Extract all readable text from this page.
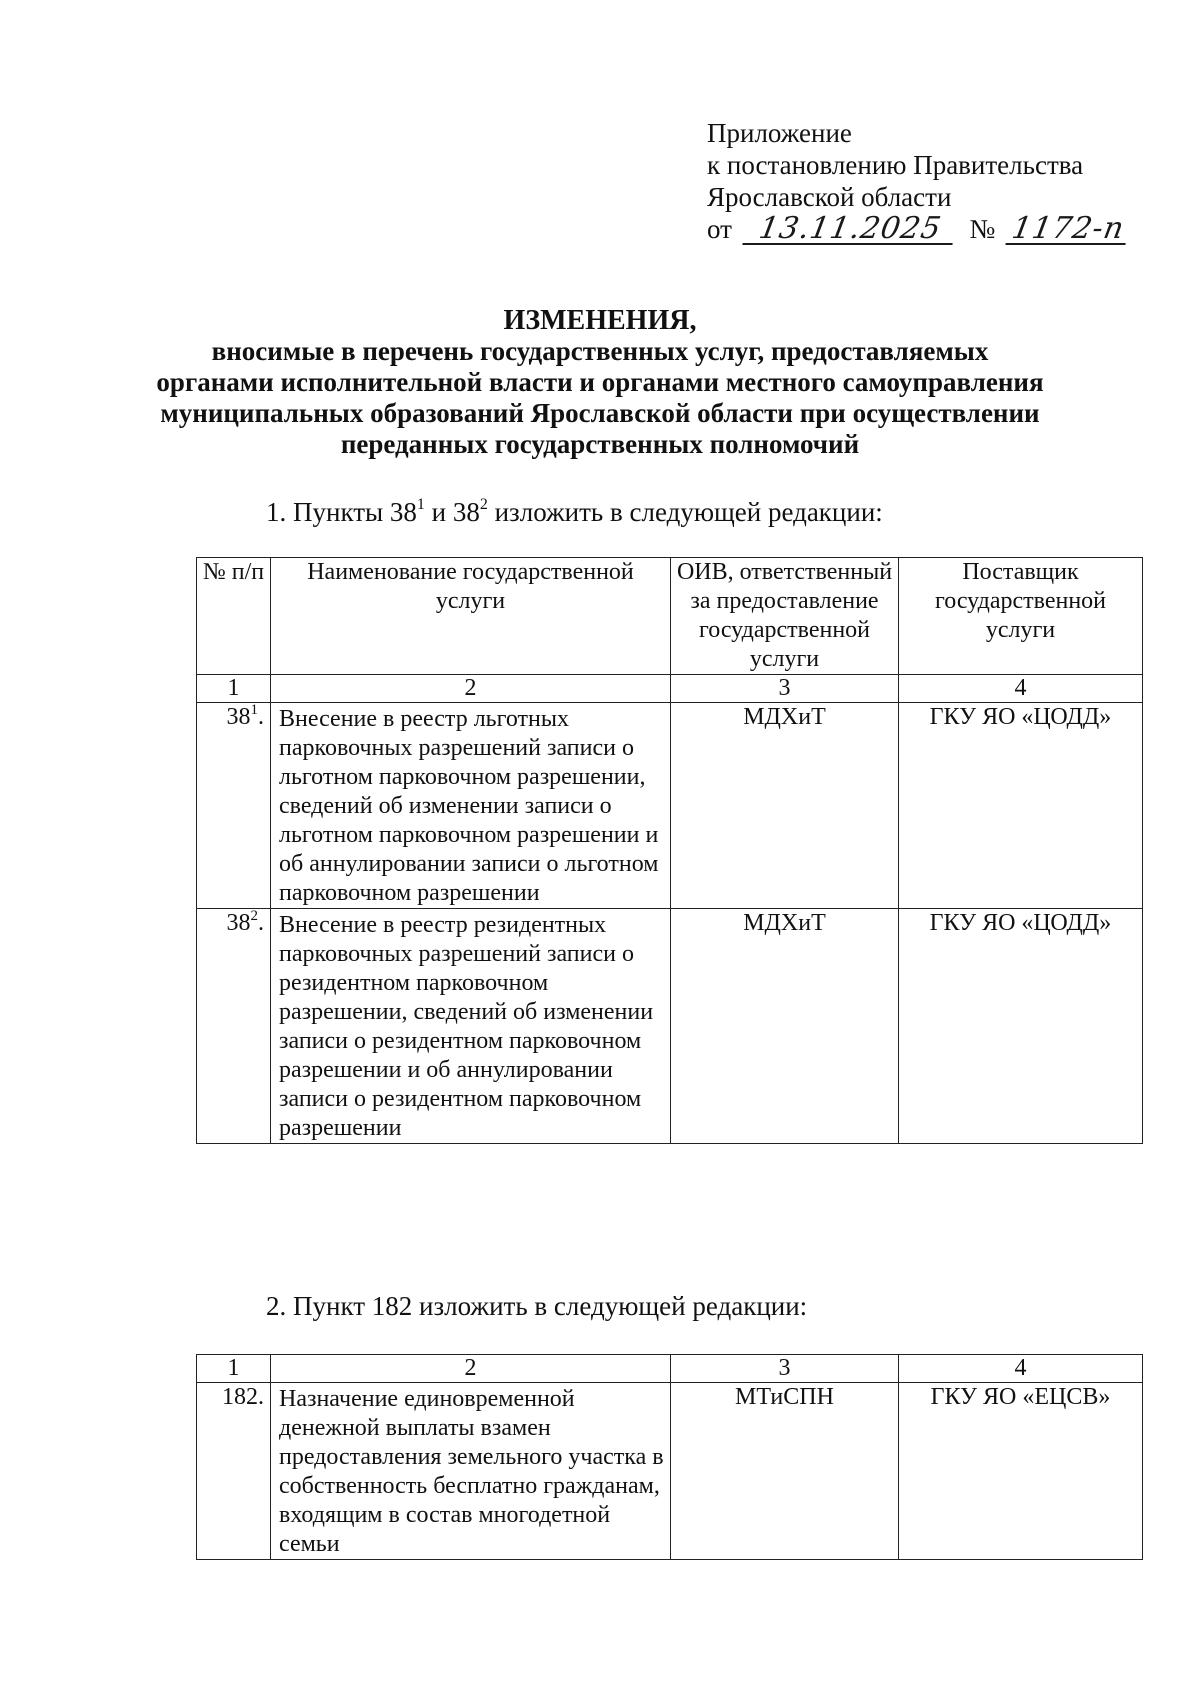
Приложение
к постановлению Правительства
Ярославской области
от 13.11.2025 № 1172-п
ИЗМЕНЕНИЯ,
вносимые в перечень государственных услуг, предоставляемых
органами исполнительной власти и органами местного самоуправления
муниципальных образований Ярославской области при осуществлении
переданных государственных полномочий
1. Пункты $38^1$ и $38^2$ изложить в следующей редакции:
№ п/п	Наименование государственной услуги	ОИВ, ответственный за предоставление государственной услуги	Поставщик государственной услуги
1	2	3	4
$38^1$.	Внесение в реестр льготных парковочных разрешений записи о льготном парковочном разрешении, сведений об изменении записи о льготном парковочном разрешении и об аннулировании записи о льготном парковочном разрешении	МДХиТ	ГКУ ЯО «ЦОДД»
$38^2$.	Внесение в реестр резидентных парковочных разрешений записи о резидентном парковочном разрешении, сведений об изменении записи о резидентном парковочном разрешении и об аннулировании записи о резидентном парковочном разрешении	МДХиТ	ГКУ ЯО «ЦОДД»
2. Пункт 182 изложить в следующей редакции:
1	2	3	4
182.	Назначение единовременной денежной выплаты взамен предоставления земельного участка в собственность бесплатно гражданам, входящим в состав многодетной семьи	МТиСПН	ГКУ ЯО «ЕЦСВ»
